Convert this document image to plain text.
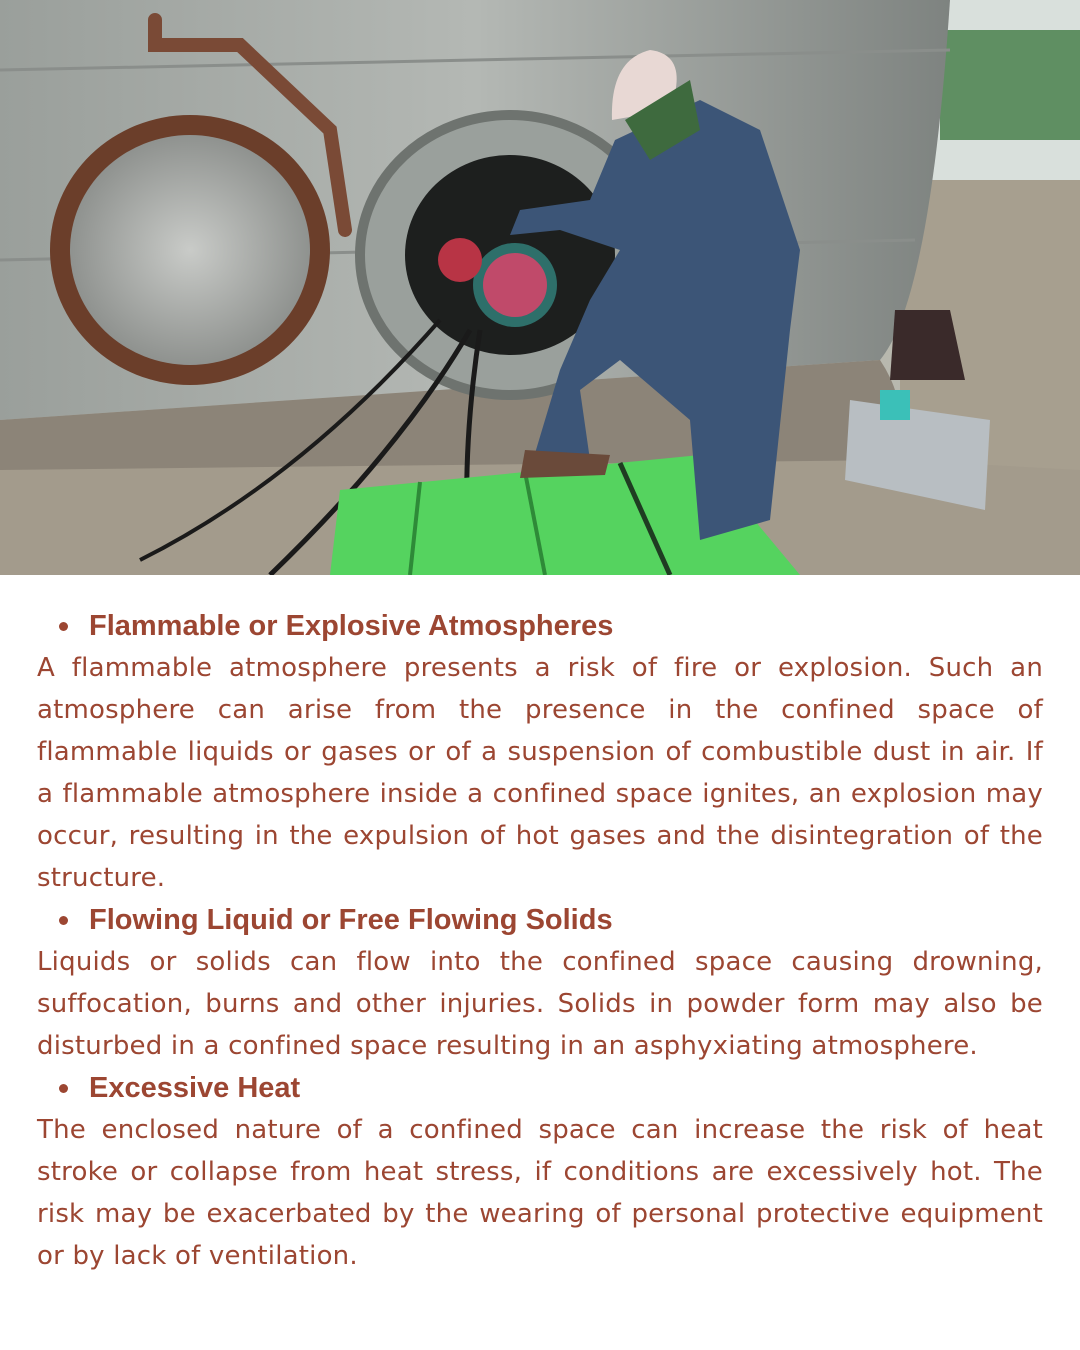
Flammable or Explosive Atmospheres

A flammable atmosphere presents a risk of fire or explosion. Such an atmosphere can arise from the presence in the confined space of flammable liquids or gases or of a suspension of combustible dust in air. If a flammable atmosphere inside a confined space ignites, an explosion may occur, resulting in the expulsion of hot gases and the disintegration of the structure.

Flowing Liquid or Free Flowing Solids

Liquids or solids can flow into the confined space causing drowning, suffocation, burns and other injuries. Solids in powder form may also be disturbed in a confined space resulting in an asphyxiating atmosphere.

Excessive Heat

The enclosed nature of a confined space can increase the risk of heat stroke or collapse from heat stress, if conditions are excessively hot. The risk may be exacerbated by the wearing of personal protective equipment or by lack of ventilation.
